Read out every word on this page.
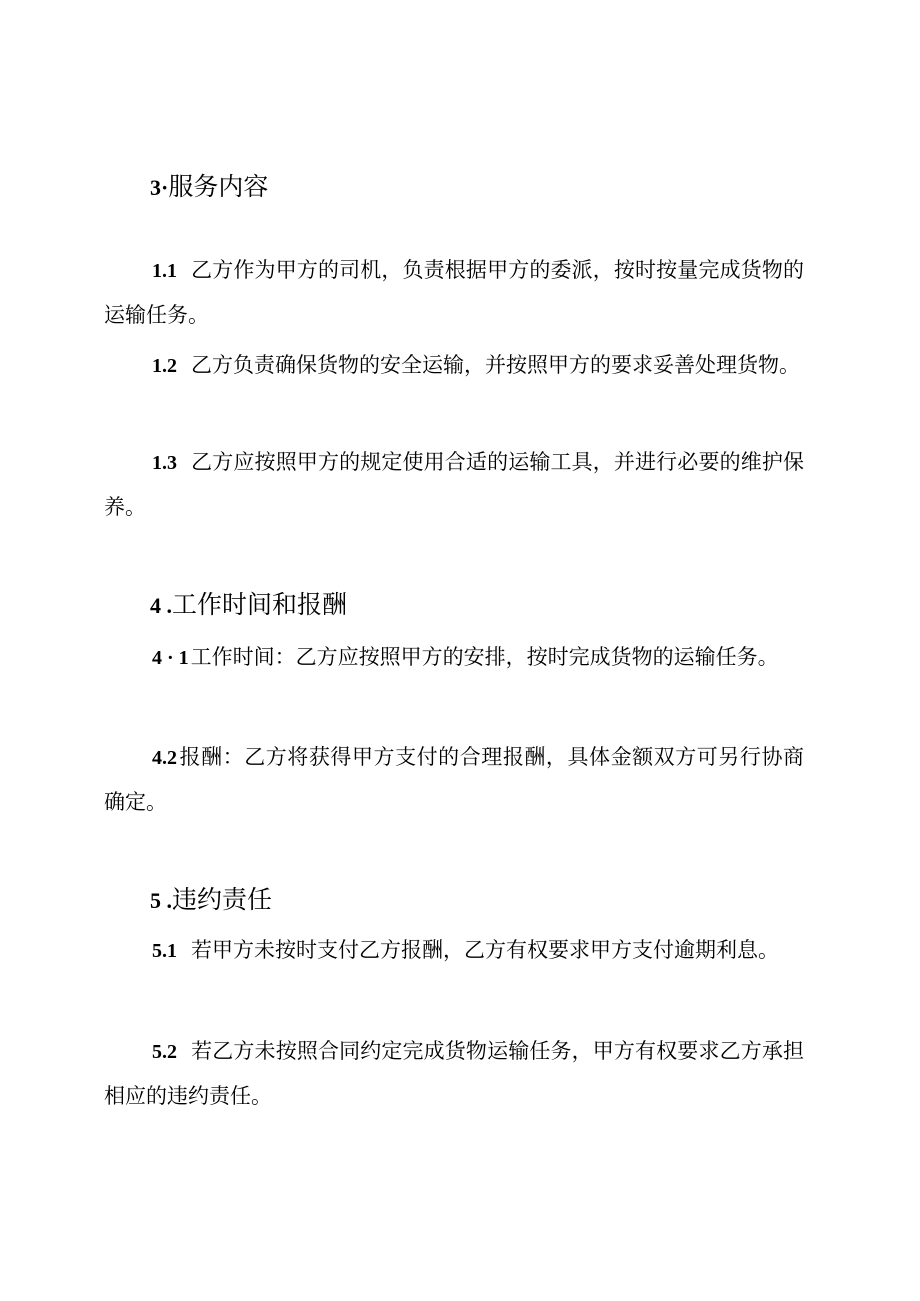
3·服务内容
1.1 乙方作为甲方的司机，负责根据甲方的委派，按时按量完成货物的运输任务。
1.2 乙方负责确保货物的安全运输，并按照甲方的要求妥善处理货物。
1.3 乙方应按照甲方的规定使用合适的运输工具，并进行必要的维护保养。
4 .工作时间和报酬
4 · 1工作时间：乙方应按照甲方的安排，按时完成货物的运输任务。
4.2报酬：乙方将获得甲方支付的合理报酬，具体金额双方可另行协商确定。
5 .违约责任
5.1 若甲方未按时支付乙方报酬，乙方有权要求甲方支付逾期利息。
5.2 若乙方未按照合同约定完成货物运输任务，甲方有权要求乙方承担相应的违约责任。
